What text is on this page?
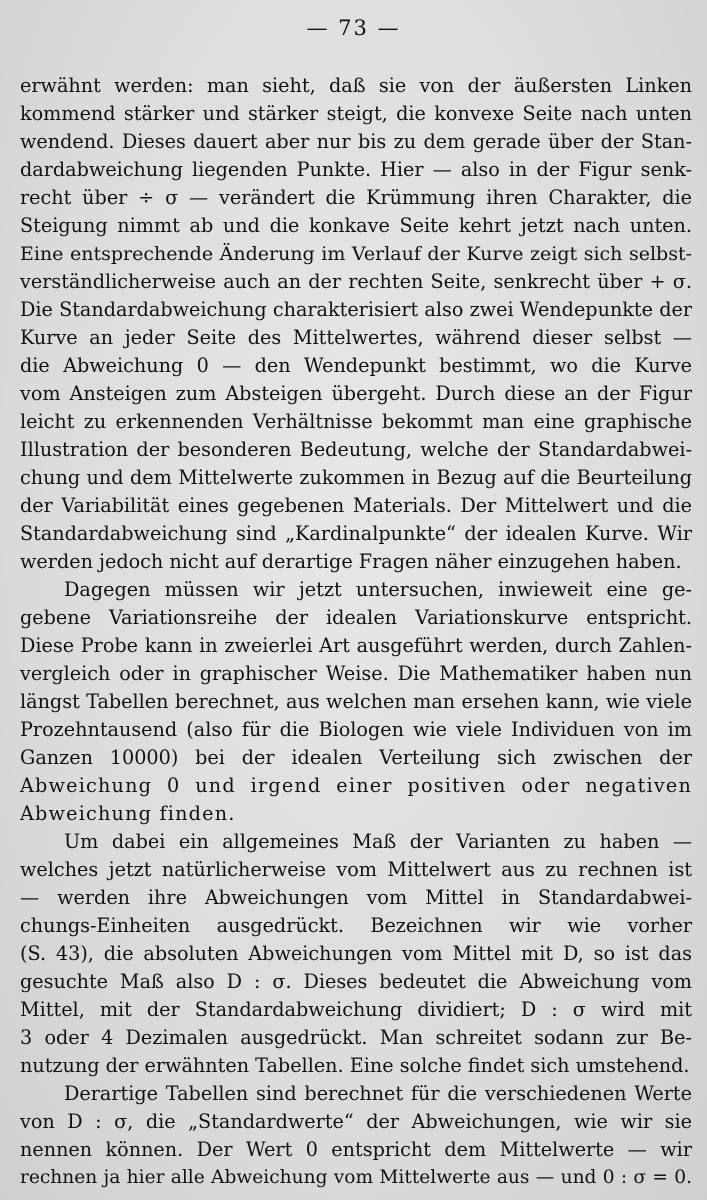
— 73 —
erwähnt werden: man sieht, daß sie von der äußersten Linken
kommend stärker und stärker steigt, die konvexe Seite nach unten
wendend. Dieses dauert aber nur bis zu dem gerade über der Stan-
dardabweichung liegenden Punkte. Hier — also in der Figur senk-
recht über ÷ σ — verändert die Krümmung ihren Charakter, die
Steigung nimmt ab und die konkave Seite kehrt jetzt nach unten.
Eine entsprechende Änderung im Verlauf der Kurve zeigt sich selbst-
verständlicherweise auch an der rechten Seite, senkrecht über + σ.
Die Standardabweichung charakterisiert also zwei Wendepunkte der
Kurve an jeder Seite des Mittelwertes, während dieser selbst —
die Abweichung 0 — den Wendepunkt bestimmt, wo die Kurve
vom Ansteigen zum Absteigen übergeht. Durch diese an der Figur
leicht zu erkennenden Verhältnisse bekommt man eine graphische
Illustration der besonderen Bedeutung, welche der Standardabwei-
chung und dem Mittelwerte zukommen in Bezug auf die Beurteilung
der Variabilität eines gegebenen Materials. Der Mittelwert und die
Standardabweichung sind „Kardinalpunkte“ der idealen Kurve. Wir
werden jedoch nicht auf derartige Fragen näher einzugehen haben.
Dagegen müssen wir jetzt untersuchen, inwieweit eine ge-
gebene Variationsreihe der idealen Variationskurve entspricht.
Diese Probe kann in zweierlei Art ausgeführt werden, durch Zahlen-
vergleich oder in graphischer Weise. Die Mathematiker haben nun
längst Tabellen berechnet, aus welchen man ersehen kann, wie viele
Prozehntausend (also für die Biologen wie viele Individuen von im
Ganzen 10000) bei der idealen Verteilung sich zwischen der
Abweichung 0 und irgend einer positiven oder negativen
Abweichung finden.
Um dabei ein allgemeines Maß der Varianten zu haben —
welches jetzt natürlicherweise vom Mittelwert aus zu rechnen ist
— werden ihre Abweichungen vom Mittel in Standardabwei-
chungs-Einheiten ausgedrückt. Bezeichnen wir wie vorher
(S. 43), die absoluten Abweichungen vom Mittel mit D, so ist das
gesuchte Maß also D : σ. Dieses bedeutet die Abweichung vom
Mittel, mit der Standardabweichung dividiert; D : σ wird mit
3 oder 4 Dezimalen ausgedrückt. Man schreitet sodann zur Be-
nutzung der erwähnten Tabellen. Eine solche findet sich umstehend.
Derartige Tabellen sind berechnet für die verschiedenen Werte
von D : σ, die „Standardwerte“ der Abweichungen, wie wir sie
nennen können. Der Wert 0 entspricht dem Mittelwerte — wir
rechnen ja hier alle Abweichung vom Mittelwerte aus — und 0 : σ = 0.
